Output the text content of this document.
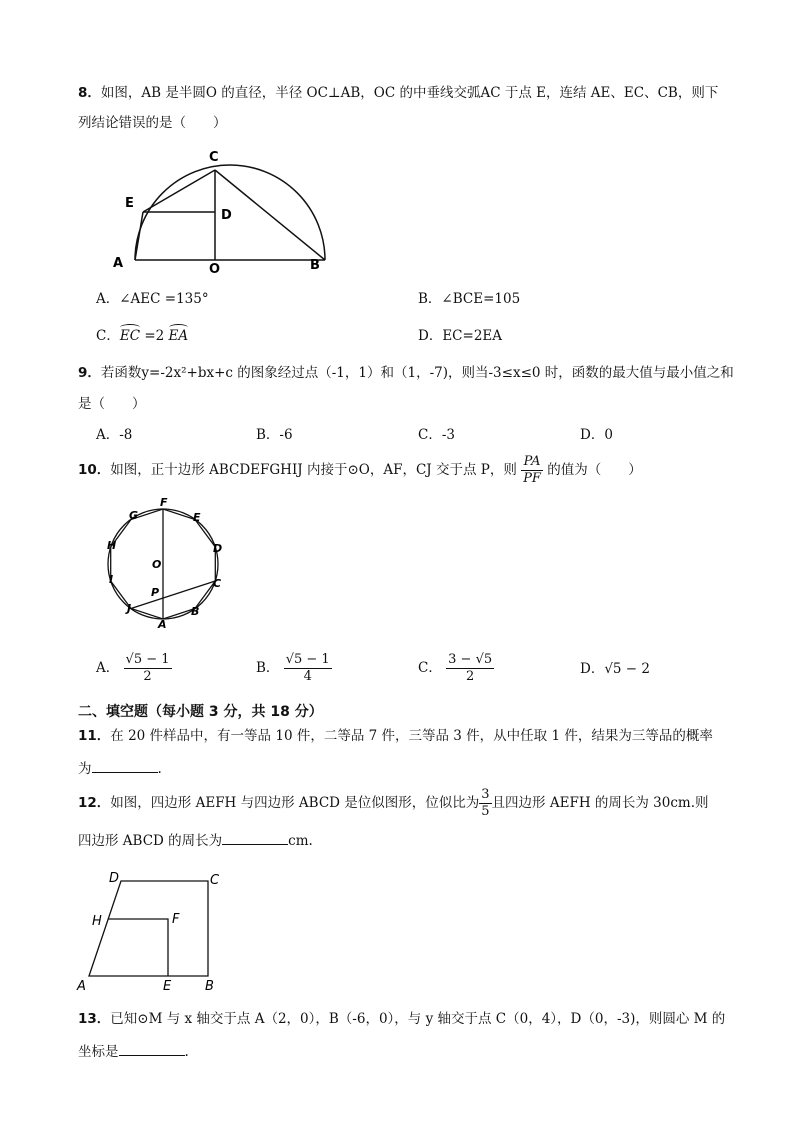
8．如图，AB 是半圆O 的直径，半径 OC⊥AB，OC 的中垂线交弧AC 于点 E，连结 AE、EC、CB，则下
列结论错误的是（　　）
C
E
D
A	O	B
A．∠AEC =135°	B．∠BCE=105
C．EC =2 EA	D．EC=2EA
9．若函数y=-2x²+bx+c 的图象经过点（-1，1）和（1，-7)，则当-3≤x≤0 时，函数的最大值与最小值之和
是（　　）
A．-8	B．-6	C．-3	D．0
10．如图，正十边形 ABCDEFGHIJ 内接于⊙O，AF，CJ 交于点 P，则 $\frac{PA}{PF}$ 的值为（　　）
F
E
G
H	D
O
I	C
P
J	B
A
A． $\frac{√5 - 1}{2}$	B． $\frac{√5 - 1}{4}$	C． $\frac{3 - √5}{2}$	D．√5 − 2
二、填空题（每小题 3 分，共 18 分）
11．在 20 件样品中，有一等品 10 件，二等品 7 件，三等品 3 件，从中任取 1 件，结果为三等品的概率
为	.
12．如图，四边形 AEFH 与四边形 ABCD 是位似图形，位似比为 $\frac{3}{5}$ 且四边形 AEFH 的周长为 30cm.则
四边形 ABCD 的周长为	cm.
D	C
H	F
A	E	B
13．已知⊙M 与 x 轴交于点 A（2，0），B（-6，0），与 y 轴交于点 C（0，4），D（0，-3)，则圆心 M 的
坐标是	.
